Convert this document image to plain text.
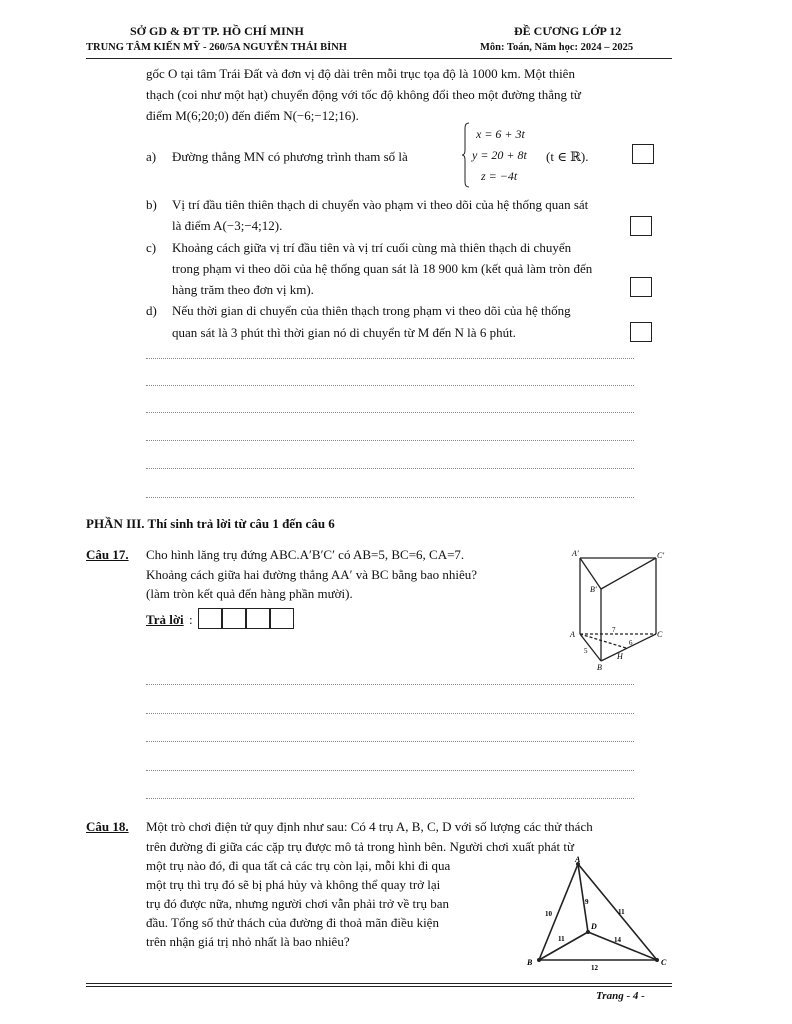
SỞ GD & ĐT TP. HỒ CHÍ MINH
TRUNG TÂM KIẾN MỸ - 260/5A NGUYỄN THÁI BÌNH
ĐỀ CƯƠNG LỚP 12
Môn: Toán, Năm học: 2024 – 2025
gốc O tại tâm Trái Đất và đơn vị độ dài trên mỗi trục tọa độ là 1000 km. Một thiên
thạch (coi như một hạt) chuyển động với tốc độ không đổi theo một đường thẳng từ
điểm M(6;20;0) đến điểm N(−6;−12;16).
a) Đường thẳng MN có phương trình tham số là
x = 6 + 3t
y = 20 + 8t
z = −4t
(t ∈ ℝ).
b) Vị trí đầu tiên thiên thạch di chuyển vào phạm vi theo dõi của hệ thống quan sát
là điểm A(−3;−4;12).
c) Khoảng cách giữa vị trí đầu tiên và vị trí cuối cùng mà thiên thạch di chuyển
trong phạm vi theo dõi của hệ thống quan sát là 18 900 km (kết quả làm tròn đến
hàng trăm theo đơn vị km).
d) Nếu thời gian di chuyển của thiên thạch trong phạm vi theo dõi của hệ thống
quan sát là 3 phút thì thời gian nó di chuyển từ M đến N là 6 phút.
PHẦN III. Thí sinh trả lời từ câu 1 đến câu 6
Câu 17. Cho hình lăng trụ đứng ABC.A′B′C′ có AB=5, BC=6, CA=7.
Khoảng cách giữa hai đường thẳng AA′ và BC bằng bao nhiêu?
(làm tròn kết quả đến hàng phần mười).
Trả lời :
A′	C′
B′
A	C
B
H
7
5
6
Câu 18. Một trò chơi điện tử quy định như sau: Có 4 trụ A, B, C, D với số lượng các thử thách
trên đường đi giữa các cặp trụ được mô tả trong hình bên. Người chơi xuất phát từ
một trụ nào đó, đi qua tất cả các trụ còn lại, mỗi khi đi qua
một trụ thì trụ đó sẽ bị phá hủy và không thể quay trở lại
trụ đó được nữa, nhưng người chơi vẫn phải trở về trụ ban
đầu. Tổng số thử thách của đường đi thoả mãn điều kiện
trên nhận giá trị nhỏ nhất là bao nhiêu?
A
B	C
D
10
9
11
11	14
12
Trang - 4 -
